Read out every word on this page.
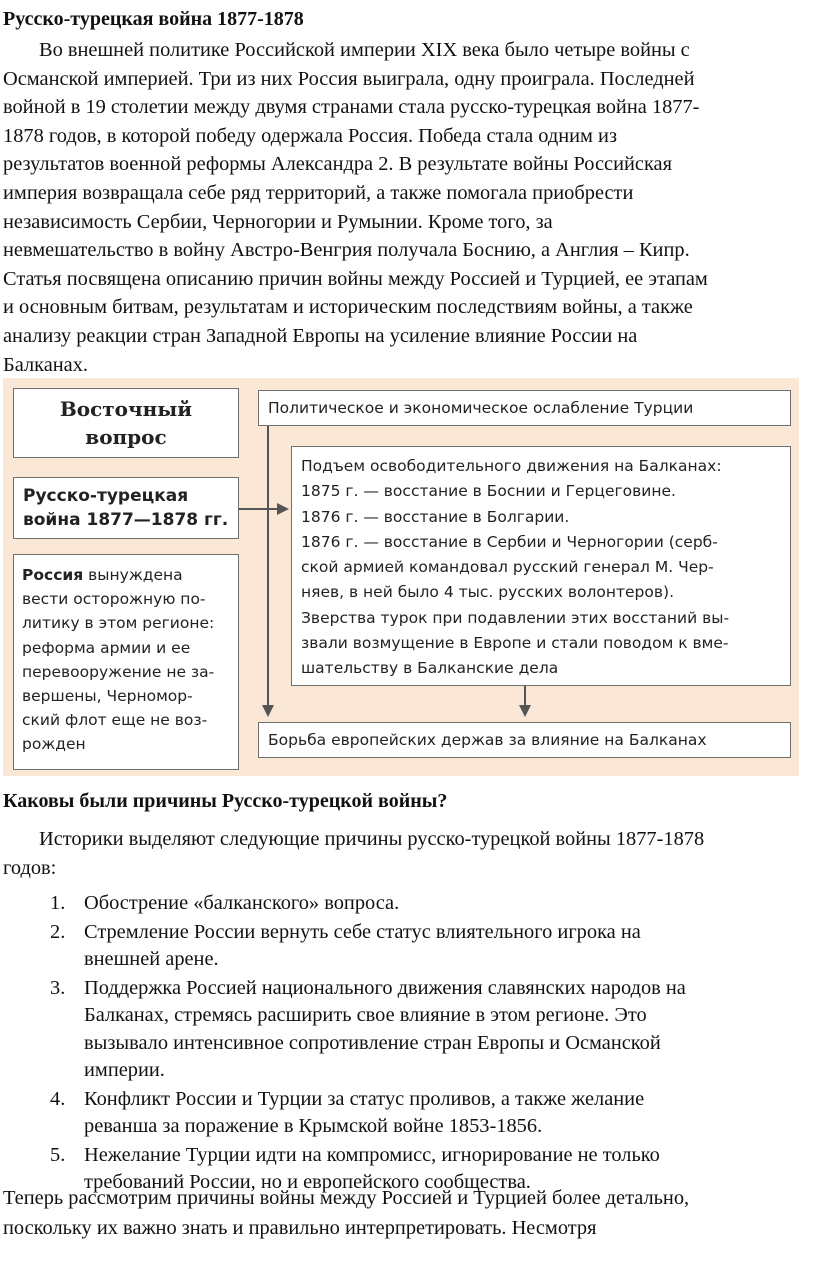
Русско-турецкая война 1877-1878
Во внешней политике Российской империи XIX века было четыре войны с
Османской империей. Три из них Россия выиграла, одну проиграла. Последней
войной в 19 столетии между двумя странами стала русско-турецкая война 1877-
1878 годов, в которой победу одержала Россия. Победа стала одним из
результатов военной реформы Александра 2. В результате войны Российская
империя возвращала себе ряд территорий, а также помогала приобрести
независимость Сербии, Черногории и Румынии. Кроме того, за
невмешательство в войну Австро-Венгрия получала Боснию, а Англия – Кипр.
Статья посвящена описанию причин войны между Россией и Турцией, ее этапам
и основным битвам, результатам и историческим последствиям войны, а также
анализу реакции стран Западной Европы на усиление влияние России на
Балканах.
Восточный
вопрос
Русско-турецкая
война 1877—1878 гг.
Россия вынуждена
вести осторожную по-
литику в этом регионе:
реформа армии и ее
перевооружение не за-
вершены, Черномор-
ский флот еще не воз-
рожден
Политическое и экономическое ослабление Турции
Подъем освободительного движения на Балканах:
1875 г. — восстание в Боснии и Герцеговине.
1876 г. — восстание в Болгарии.
1876 г. — восстание в Сербии и Черногории (серб-
ской армией командовал русский генерал М. Чер-
няев, в ней было 4 тыс. русских волонтеров).
Зверства турок при подавлении этих восстаний вы-
звали возмущение в Европе и стали поводом к вме-
шательству в Балканские дела
Борьба европейских держав за влияние на Балканах
Каковы были причины Русско-турецкой войны?
Историки выделяют следующие причины русско-турецкой войны 1877-1878
годов:
1. Обострение «балканского» вопроса.
2. Стремление России вернуть себе статус влиятельного игрока на
внешней арене.
3. Поддержка Россией национального движения славянских народов на
Балканах, стремясь расширить свое влияние в этом регионе. Это
вызывало интенсивное сопротивление стран Европы и Османской
империи.
4. Конфликт России и Турции за статус проливов, а также желание
реванша за поражение в Крымской войне 1853-1856.
5. Нежелание Турции идти на компромисс, игнорирование не только
требований России, но и европейского сообщества.
Теперь рассмотрим причины войны между Россией и Турцией более детально,
поскольку их важно знать и правильно интерпретировать. Несмотря
